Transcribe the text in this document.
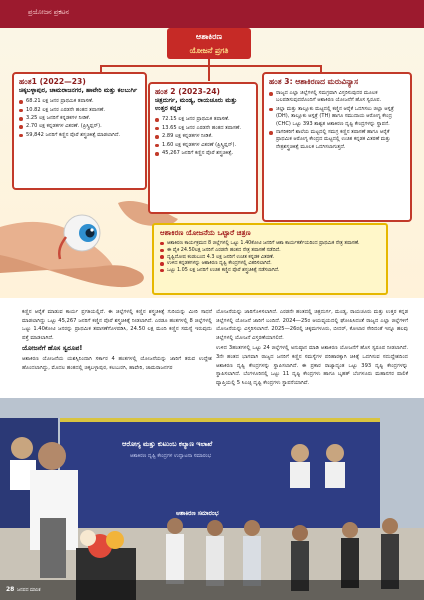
ಪ್ರಯೋಜನ ಪ್ರಕಟನ
ಆಶಾಕಿರಣ
ಯೋಜನೆ ಪ್ರಗತಿ
ಹಂತ1 (2022—23)
ಚಿಕ್ಕಬಳ್ಳಾಪುರ, ಚಾಮರಾಜನಗರ, ಹಾವೇರಿ ಮತ್ತು ಕಲಬುರ್ಗಿ
68.21 ಲಕ್ಷ ಜನರ ಪ್ರಾಥಮಿಕ ತಪಾಸಣೆ.
10.82 ಲಕ್ಷ ಜನರ ಎರಡನೇ ಹಂತದ ತಪಾಸಣೆ.
3.25 ಲಕ್ಷ ಜನರಿಗೆ ಕನ್ನಡಕಗಳ ನೀಡಿಕೆ.
2.70 ಲಕ್ಷ ಕನ್ನಡಕಗಳ ವಿತರಣೆ. (ಪ್ರಿಸ್ಕ್ರಿಪ್ಷನ್).
59,842 ಜನರಿಗೆ ಕಣ್ಣಿನ ಪೊರೆ ಶಸ್ತ್ರಚಿಕಿತ್ಸೆ ಮಾಡಲಾಗಿದೆ.
ಹಂತ 2 (2023-24)
ಚಿತ್ರದುರ್ಗ, ಮಂಡ್ಯ, ರಾಯಚೂರು ಮತ್ತು ಉತ್ತರ ಕನ್ನಡ
72.15 ಲಕ್ಷ ಜನರ ಪ್ರಾಥಮಿಕ ತಪಾಸಣೆ.
13.65 ಲಕ್ಷ ಜನರ ಎರಡನೇ ಹಂತದ ತಪಾಸಣೆ.
2.89 ಲಕ್ಷ ಕನ್ನಡಕಗಳ ನೀಡಿಕೆ.
1.60 ಲಕ್ಷ ಕನ್ನಡಕಗಳ ವಿತರಣೆ (ಪ್ರಿಸ್ಕ್ರಿಪ್ಷನ್).
45,267 ಜನರಿಗೆ ಕಣ್ಣಿನ ಪೊರೆ ಶಸ್ತ್ರಚಿಕಿತ್ಸೆ.
ಹಂತ 3: ಆಶಾಕಿರಣದ ಮರುವಿನ್ಯಾಸ
ರಾಜ್ಯದ ಎಲ್ಲಾ ಜಿಲ್ಲೆಗಳಲ್ಲಿ ಸಮಗ್ರವಾಗಿ ವಿಸ್ತರಿಸುವುದರ ಮೂಲಕ ಬಲಪಡಿಸುವುದರೊಂದಿಗೆ ಆಶಾಕಿರಣ ಯೋಜನೆಗೆ ಹೊಸ ಸ್ವರೂಪ.
ಜಿಲ್ಲಾ ಮತ್ತು ತಾಲ್ಲೂಕು ಮಟ್ಟದಲ್ಲಿ ಕಣ್ಣಿನ ಆರೈಕೆ ಒದಗಿಸಲು ಜಿಲ್ಲಾ ಆಸ್ಪತ್ರೆ (DH), ತಾಲ್ಲೂಕು ಆಸ್ಪತ್ರೆ (TH) ಹಾಗೂ ಸಮುದಾಯ ಆರೋಗ್ಯ ಕೇಂದ್ರ (CHC) ಒಟ್ಟು 393 ಶಾಶ್ವತ ಆಶಾಕಿರಣ ದೃಷ್ಟಿ ಕೇಂದ್ರಗಳನ್ನು ಸ್ಥಾಪನೆ.
ನಾಗರಿಕರಿಗೆ ಶಾಲೆಯ ಮಟ್ಟದಲ್ಲಿ ಸಮಗ್ರ ಕಣ್ಣಿನ ತಪಾಸಣೆ ಹಾಗೂ ಆರೈಕೆ ಪ್ರಾಥಮಿಕ ಆರೋಗ್ಯ ಕೇಂದ್ರದ ಮಟ್ಟದಲ್ಲಿ ಉಚಿತ ಕನ್ನಡಕ ವಿತರಣೆ ಮತ್ತು ನೇತ್ರಶಸ್ತ್ರಚಿಕಿತ್ಸೆ ಮೂಲಕ ಒದಗಿಸಲಾಗುತ್ತದೆ.
ಆಶಾಕಿರಣ ಯೋಜನೆಯ ಒಟ್ಟಾರೆ ಚಿತ್ರಣ
ಆಶಾಕಿರಣ ಕಾರ್ಯಕ್ರಮದ 8 ಜಿಲ್ಲೆಗಳಲ್ಲಿ ಒಟ್ಟು 1.40ಕೋಟಿ ಜನರಿಗೆ ಆಶಾ ಕಾರ್ಯಕರ್ತೆಯರಿಂದ ಪ್ರಾಥಮಿಕ ನೇತ್ರ ತಪಾಸಣೆ.
ಈ ಪೈಕಿ 24.50ಲಕ್ಷ ಜನರಿಗೆ ಎರಡನೇ ಹಂತದ ನೇತ್ರ ತಪಾಸಣೆ ನಡೆದಿದೆ.
ದೃಷ್ಟಿದೋಷ ಕಂಡುಬಂದ 4.3 ಲಕ್ಷ ಜನರಿಗೆ ಉಚಿತ ಕನ್ನಡಕ ವಿತರಣೆ.
ಉಳಿದ ಕನ್ನಡಕಗಳನ್ನು ಆಶಾಕಿರಣ ದೃಷ್ಟಿ ಕೇಂದ್ರಗಳಲ್ಲಿ ವಿತರಿಸಲಾಗಿದೆ.
ಒಟ್ಟು 1.05 ಲಕ್ಷ ಜನರಿಗೆ ಉಚಿತ ಕಣ್ಣಿನ ಪೊರೆ ಶಸ್ತ್ರಚಿಕಿತ್ಸೆ ನಡೆಸಲಾಗಿದೆ.

ಕಣ್ಣಿನ ಆರೈಕೆ ಮಾಡುವ ಕಾರ್ಯ ಪ್ರಗತಿಯಲ್ಲಿದೆ. ಈ ಜಿಲ್ಲೆಗಳಲ್ಲಿ ಕಣ್ಣಿನ ಶಸ್ತ್ರಚಿಕಿತ್ಸೆ ಗುರಿಯನ್ನು ಮೀರಿ ಸಾಧನೆ ಮಾಡಲಾಗಿದ್ದು ಒಟ್ಟು 45,267 ಜನರಿಗೆ ಕಣ್ಣಿನ ಪೊರೆ ಶಸ್ತ್ರಚಿಕಿತ್ಸೆ ನೀಡಲಾಗಿದೆ. ಎರಡೂ ಹಂತಗಳಲ್ಲಿ 8 ಜಿಲ್ಲೆಗಳಲ್ಲಿ ಒಟ್ಟು 1.40ಕೋಟಿ ಜನರನ್ನು ಪ್ರಾಥಮಿಕ ತಪಾಸಣೆಗೊಳಪಡಿಸಿ, 24.50 ಲಕ್ಷ ಮಂದಿ ಕಣ್ಣಿನ ಸಮಸ್ಯೆ ಇರುವುದು ಪತ್ತೆ ಮಾಡಲಾಗಿದೆ.

ಯೋಜನೆಗೆ ಹೊಸ ಸ್ವರೂಪ!

ಆಶಾಕಿರಣ ಯೋಜನೆಯ ಯಶಸ್ಸಿನಿಂದಾಗಿ ಸರ್ಕಾರ 4 ಹಂತಗಳಲ್ಲಿ ಯೋಜನೆಯನ್ನು ಜಾರಿಗೆ ತರುವ ಉದ್ದೇಶ ಹೊಂದಲಾಗಿದ್ದು, ಮೊದಲ ಹಂತದಲ್ಲಿ ಚಿಕ್ಕಬಳ್ಳಾಪುರ, ಕಲಬುರಗಿ, ಹಾವೇರಿ, ಚಾಮರಾಜನಗರ

ಯೋಜನೆಯನ್ನು ಜಾರಿಗೊಳಿಸಲಾಗಿದೆ. ಎರಡನೇ ಹಂತದಲ್ಲಿ ಚಿತ್ರದುರ್ಗ, ಮಂಡ್ಯ, ರಾಯಚೂರು ಮತ್ತು ಉತ್ತರ ಕನ್ನಡ ಜಿಲ್ಲೆಗಳಲ್ಲಿ ಯೋಜನೆ ಜಾರಿಗೆ ಬಂದಿದೆ. 2024—25ರ ಆಯವ್ಯಯದಲ್ಲಿ ಘೋಷಿಸಿದಂತೆ ರಾಜ್ಯದ ಎಲ್ಲಾ ಜಿಲ್ಲೆಗಳಿಗೆ ಯೋಜನೆಯನ್ನು ವಿಸ್ತರಿಸಲಾಗಿದೆ. 2025—26ರಲ್ಲಿ ಚಿಕ್ಕಮಗಳೂರು, ಬೀದರ್, ಕೋಲಾರ ಸೇರಿದಂತೆ ಇನ್ನೂ ಹಲವು ಜಿಲ್ಲೆಗಳಲ್ಲಿ ಯೋಜನೆ ವಿಸ್ತರಣೆಯಾಗಲಿದೆ.

ಉಳಿದ 3ಹಂತಗಳಲ್ಲಿ ಒಟ್ಟು 24 ಜಿಲ್ಲೆಗಳಲ್ಲಿ ಅನುಷ್ಠಾನ ಮಾಡಿ ಆಶಾಕಿರಣ ಯೋಜನೆಗೆ ಹೊಸ ಸ್ವರೂಪ ನೀಡಲಾಗಿದೆ. 3ನೇ ಹಂತದ ಭಾಗವಾಗಿ ರಾಜ್ಯದ ಜನರಿಗೆ ಕಣ್ಣಿನ ಸಮಸ್ಯೆಗಳ ಪರಿಹಾರಕ್ಕಾಗಿ ಚಿಕಿತ್ಸೆ ಒದಗಿಸುವ ಸದುದ್ದೇಶದಿಂದ ಆಶಾಕಿರಣ ದೃಷ್ಟಿ ಕೇಂದ್ರಗಳನ್ನು ಸ್ಥಾಪಿಸಲಾಗಿದೆ. ಈ ಪ್ರಕಾರ ರಾಜ್ಯಾದ್ಯಂತ ಒಟ್ಟು 393 ದೃಷ್ಟಿ ಕೇಂದ್ರಗಳನ್ನು ಸ್ಥಾಪಿಸಲಾಗಿದೆ. ಬೆಂಗಳೂರಿನಲ್ಲಿ ಒಟ್ಟು 11 ದೃಷ್ಟಿ ಕೇಂದ್ರಗಳು ಹಾಗೂ ಬೃಹತ್ ಬೆಂಗಳೂರು ಮಹಾನಗರ ಪಾಲಿಕೆ ವ್ಯಾಪ್ತಿಯಲ್ಲಿ 5 ಸಿಎಚ್ಸಿ ದೃಷ್ಟಿ ಕೇಂದ್ರಗಳು ಸ್ಥಾಪನೆಯಾಗಿವೆ.

ಆರೋಗ್ಯ ಮತ್ತು ಕುಟುಂಬ ಕಲ್ಯಾಣ ಇಲಾಖೆ
ಆಶಾಕಿರಣ ದೃಷ್ಟಿ ಕೇಂದ್ರಗಳ ಉದ್ಘಾಟನಾ ಸಮಾರಂಭ
ಆಶಾಕಿರಣ ಸಮಾರಂಭ
28 ಜನಪದ ಮಾಸಿಕ
